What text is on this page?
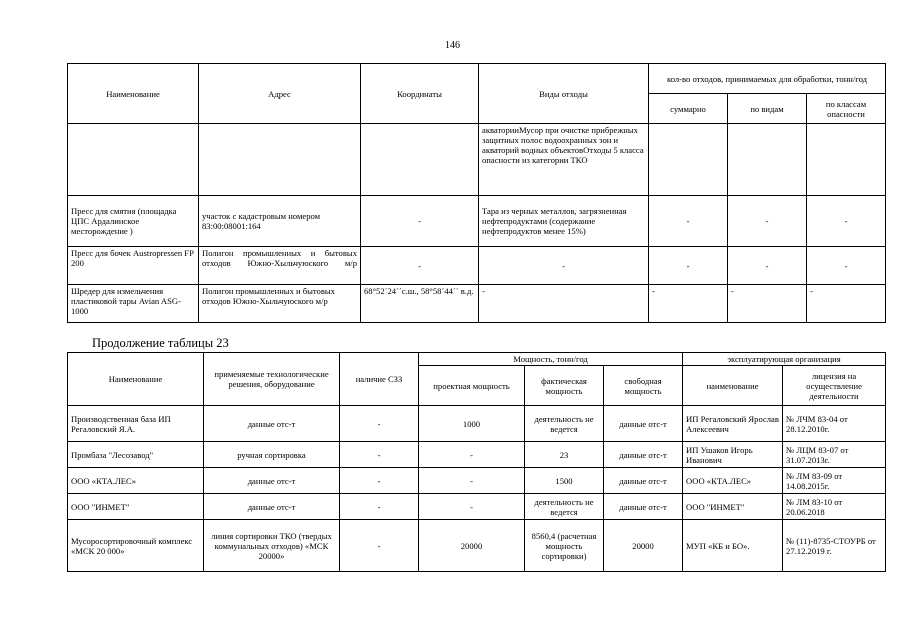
146
Наименование	Адрес	Координаты	Виды отходы	кол-во отходов, принимаемых для обработки, тонн/год		
				суммарно	по видам	по классам опасности
			акваторииМусор при очистке прибрежных защитных полос водоохранных зон и акваторий водных объектовОтходы 5 класса опасности из категории ТКО			
Пресс для смятия (площадка ЦПС Ардалинское месторождение )	участок с кадастровым номером 83:00:08001:164	-	Тара из черных металлов, загрязненная нефтепродуктами (содержание нефтепродуктов менее 15%)	-	-	-
Пресс для бочек Austropressen FP 200	Полигон промышленных и бытовых отходов Южно-Хыльчуюского м/р	-	-	-	-	-
Шредер для измельчения пластиковой тары Avian ASG-1000	Полигон промышленных и бытовых отходов Южно-Хыльчуюского м/р	68°52´24´´с.ш., 58°58´44´´ в.д.	-	-	-	-
Продолжение таблицы 23
Наименование	применяемые технологические решения, оборудование	наличие СЗЗ	Мощность, тонн/год			эксплуатирующая организация	
			проектная мощность	фактическая мощность	свободная мощность	наименование	лицензия на осуществление деятельности
Производственная база ИП Регаловский Я.А.	данные отс-т	-	1000	деятельность не ведется	данные отс-т	ИП Регаловский Ярослав Алексеевич	№ ЛЧМ 83-04 от 28.12.2010г.
Промбаза "Лесозавод"	ручная сортировка	-	-	23	данные отс-т	ИП Ушаков Игорь Иванович	№ ЛЦМ 83-07 от 31.07.2013г.
ООО «КТА.ЛЕС»	данные отс-т	-	-	1500	данные отс-т	ООО «КТА.ЛЕС»	№ ЛМ 83-09 от 14.08.2015г.
ООО "ИНМЕТ"	данные отс-т	-	-	деятельность не ведется	данные отс-т	ООО "ИНМЕТ"	№ ЛМ 83-10 от 20.06.2018
Мусоросортировочный комплекс «МСК 20 000»	линия сортировки ТКО (твердых коммунальных отходов) «МСК 20000»	-	20000	8560,4 (расчетная мощность сортировки)	20000	МУП «КБ и БО».	№ (11)-8735-СТОУРБ от 27.12.2019 г.
